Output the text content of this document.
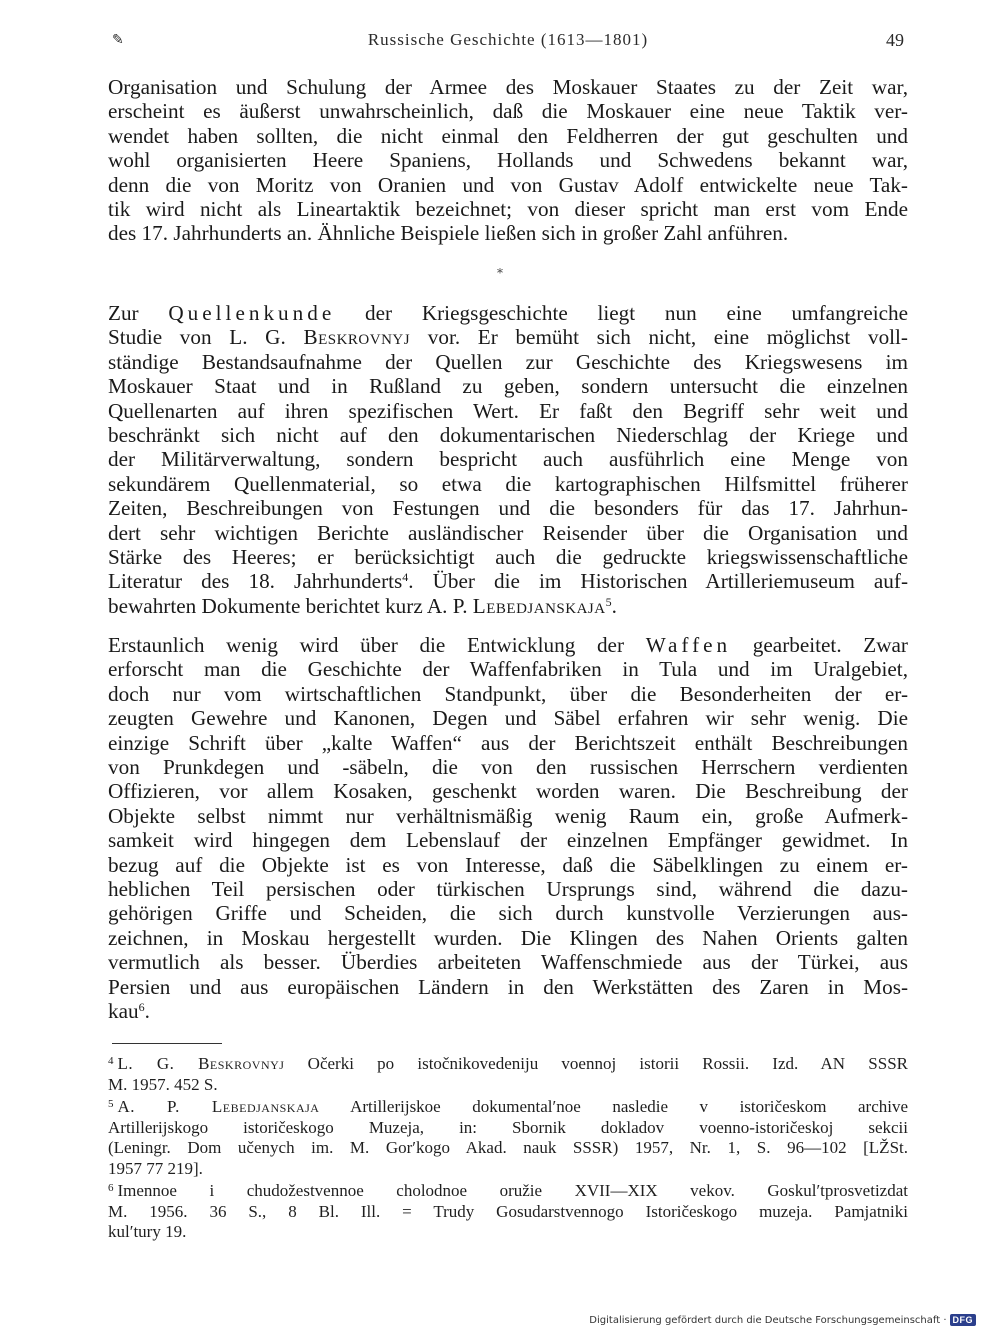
✎	Russische Geschichte (1613—1801)	49
Organisation und Schulung der Armee des Moskauer Staates zu der Zeit war,
erscheint es äußerst unwahrscheinlich, daß die Moskauer eine neue Taktik ver-
wendet haben sollten, die nicht einmal den Feldherren der gut geschulten und
wohl organisierten Heere Spaniens, Hollands und Schwedens bekannt war,
denn die von Moritz von Oranien und von Gustav Adolf entwickelte neue Tak-
tik wird nicht als Lineartaktik bezeichnet; von dieser spricht man erst vom Ende
des 17. Jahrhunderts an. Ähnliche Beispiele ließen sich in großer Zahl anführen.
*
Zur Quellenkunde der Kriegsgeschichte liegt nun eine umfangreiche
Studie von L. G. Beskrovnyj vor. Er bemüht sich nicht, eine möglichst voll-
ständige Bestandsaufnahme der Quellen zur Geschichte des Kriegswesens im
Moskauer Staat und in Rußland zu geben, sondern untersucht die einzelnen
Quellenarten auf ihren spezifischen Wert. Er faßt den Begriff sehr weit und
beschränkt sich nicht auf den dokumentarischen Niederschlag der Kriege und
der Militärverwaltung, sondern bespricht auch ausführlich eine Menge von
sekundärem Quellenmaterial, so etwa die kartographischen Hilfsmittel früherer
Zeiten, Beschreibungen von Festungen und die besonders für das 17. Jahrhun-
dert sehr wichtigen Berichte ausländischer Reisender über die Organisation und
Stärke des Heeres; er berücksichtigt auch die gedruckte kriegswissenschaftliche
Literatur des 18. Jahrhunderts$^4$. Über die im Historischen Artilleriemuseum auf-
bewahrten Dokumente berichtet kurz A. P. Lebedjanskaja$^5$.
Erstaunlich wenig wird über die Entwicklung der Waffen gearbeitet. Zwar
erforscht man die Geschichte der Waffenfabriken in Tula und im Uralgebiet,
doch nur vom wirtschaftlichen Standpunkt, über die Besonderheiten der er-
zeugten Gewehre und Kanonen, Degen und Säbel erfahren wir sehr wenig. Die
einzige Schrift über „kalte Waffen“ aus der Berichtszeit enthält Beschreibungen
von Prunkdegen und -säbeln, die von den russischen Herrschern verdienten
Offizieren, vor allem Kosaken, geschenkt worden waren. Die Beschreibung der
Objekte selbst nimmt nur verhältnismäßig wenig Raum ein, große Aufmerk-
samkeit wird hingegen dem Lebenslauf der einzelnen Empfänger gewidmet. In
bezug auf die Objekte ist es von Interesse, daß die Säbelklingen zu einem er-
heblichen Teil persischen oder türkischen Ursprungs sind, während die dazu-
gehörigen Griffe und Scheiden, die sich durch kunstvolle Verzierungen aus-
zeichnen, in Moskau hergestellt wurden. Die Klingen des Nahen Orients galten
vermutlich als besser. Überdies arbeiteten Waffenschmiede aus der Türkei, aus
Persien und aus europäischen Ländern in den Werkstätten des Zaren in Mos-
kau$^6$.
$^4$ L. G. Beskrovnyj Očerki po istočnikovedeniju voennoj istorii Rossii. Izd. AN SSSR
M. 1957. 452 S.
$^5$ A. P. Lebedjanskaja Artillerijskoe dokumentalʹnoe nasledie v istoričeskom archive
Artillerijskogo istoričeskogo Muzeja, in: Sbornik dokladov voenno-istoričeskoj sekcii
(Leningr. Dom učenych im. M. Gorʹkogo Akad. nauk SSSR) 1957, Nr. 1, S. 96—102 [LŽSt.
1957 77 219].
$^6$ Imennoe i chudožestvennoe cholodnoe oružie XVII—XIX vekov. Goskulʹtprosvetizdat
M. 1956. 36 S., 8 Bl. Ill. = Trudy Gosudarstvennogo Istoričeskogo muzeja. Pamjatniki
kulʹtury 19.
Digitalisierung gefördert durch die Deutsche Forschungsgemeinschaft · DFG
